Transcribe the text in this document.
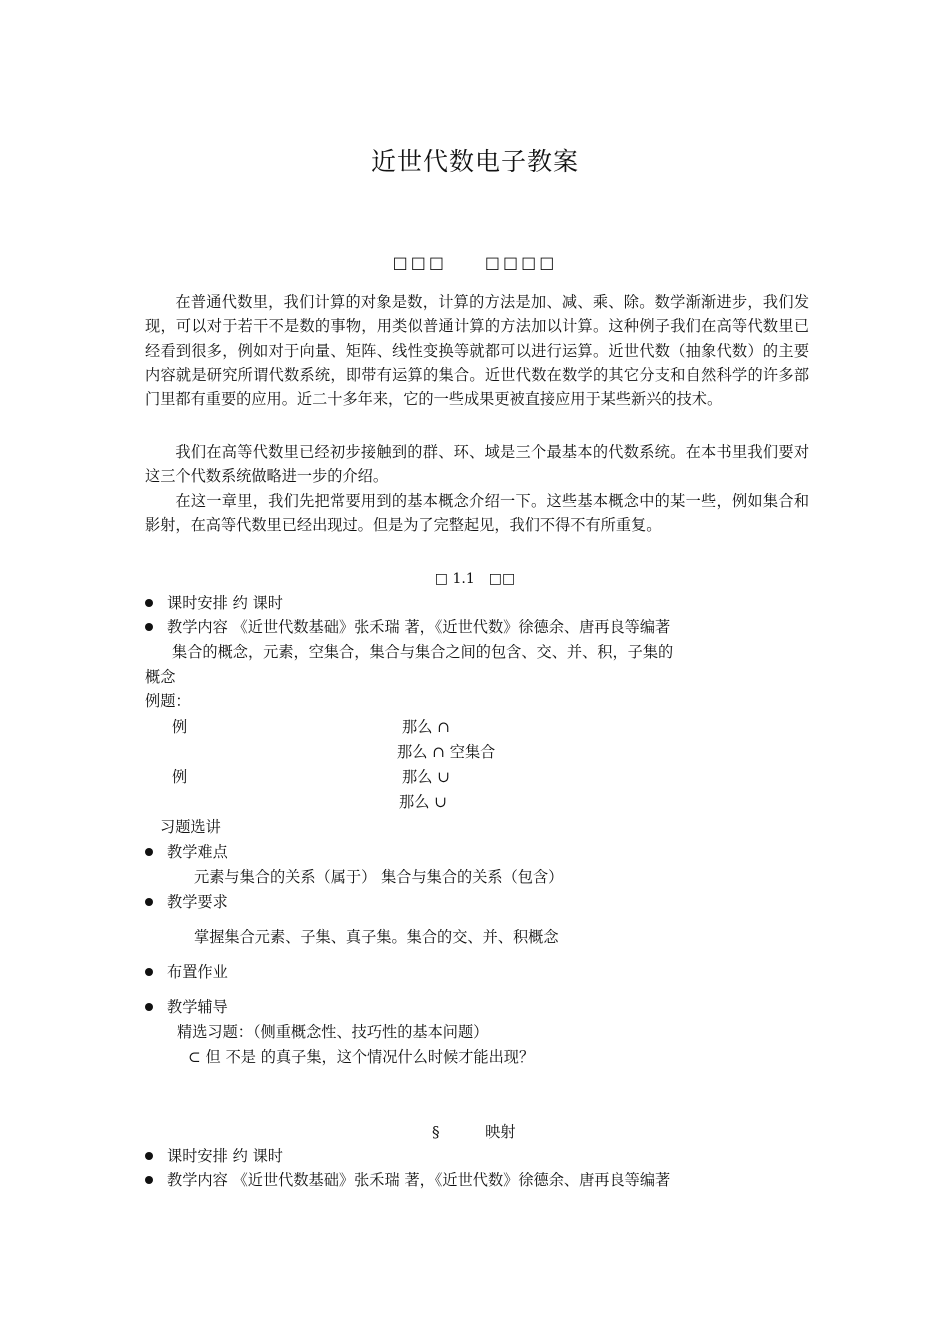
近世代数电子教案
□□□　　□□□□
在普通代数里，我们计算的对象是数，计算的方法是加、减、乘、除。数学渐渐进步，我们发现，可以对于若干不是数的事物，用类似普通计算的方法加以计算。这种例子我们在高等代数里已经看到很多，例如对于向量、矩阵、线性变换等就都可以进行运算。近世代数（抽象代数）的主要内容就是研究所谓代数系统，即带有运算的集合。近世代数在数学的其它分支和自然科学的许多部门里都有重要的应用。近二十多年来，它的一些成果更被直接应用于某些新兴的技术。
我们在高等代数里已经初步接触到的群、环、域是三个最基本的代数系统。在本书里我们要对这三个代数系统做略进一步的介绍。
在这一章里，我们先把常要用到的基本概念介绍一下。这些基本概念中的某一些，例如集合和影射，在高等代数里已经出现过。但是为了完整起见，我们不得不有所重复。
□ 1.1　□□
课时安排 约 课时
教学内容 《近世代数基础》张禾瑞 著，《近世代数》徐德余、唐再良等编著
集合的概念，元素，空集合，集合与集合之间的包含、交、并、积，子集的
概念
例题：
例	那么 ∩
那么 ∩ 空集合
例	那么 ∪
那么 ∪
习题选讲
教学难点
元素与集合的关系（属于） 集合与集合的关系（包含）
教学要求
掌握集合元素、子集、真子集。集合的交、并、积概念
布置作业
教学辅导
精选习题：（侧重概念性、技巧性的基本问题）
⊂ 但 不是 的真子集，这个情况什么时候才能出现？
§　　　映射
课时安排 约 课时
教学内容 《近世代数基础》张禾瑞 著，《近世代数》徐德余、唐再良等编著
